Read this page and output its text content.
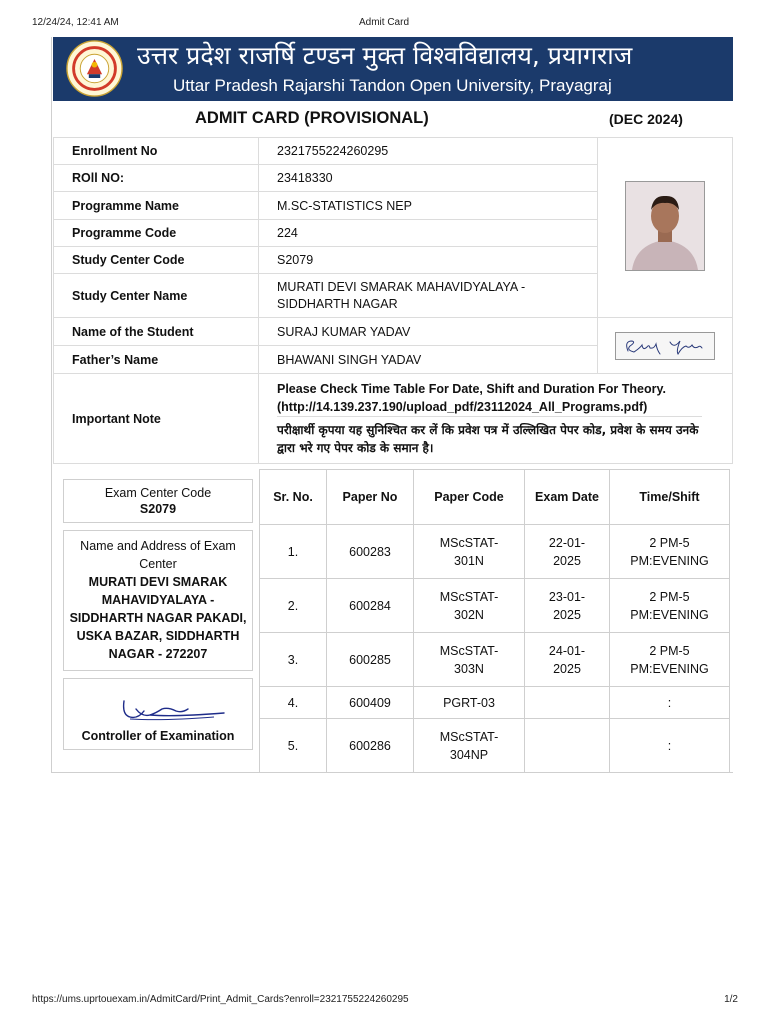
12/24/24, 12:41 AM	Admit Card
उत्तर प्रदेश राजर्षि टण्डन मुक्त विश्वविद्यालय, प्रयागराज
Uttar Pradesh Rajarshi Tandon Open University, Prayagraj
ADMIT CARD (PROVISIONAL)	(DEC 2024)
Enrollment No	2321755224260295	
ROll NO:	23418330	
Programme Name	M.SC-STATISTICS NEP	
Programme Code	224	
Study Center Code	S2079	
Study Center Name	MURATI DEVI SMARAK MAHAVIDYALAYA - SIDDHARTH NAGAR	
Name of the Student	SURAJ KUMAR YADAV	
Father’s Name	BHAWANI SINGH YADAV	
Important Note	Please Check Time Table For Date, Shift and Duration For Theory. (http://14.139.237.190/upload_pdf/23112024_All_Programs.pdf)
परीक्षार्थी कृपया यह सुनिश्चित कर लें कि प्रवेश पत्र में उल्लिखित पेपर कोड, प्रवेश के समय उनके द्वारा भरे गए पेपर कोड के समान है।	
Exam Center Code
S2079
Name and Address of Exam Center
MURATI DEVI SMARAK MAHAVIDYALAYA - SIDDHARTH NAGAR PAKADI, USKA BAZAR, SIDDHARTH NAGAR - 272207
Controller of Examination
Sr. No.	Paper No	Paper Code	Exam Date	Time/Shift
1.	600283	MScSTAT-301N	22-01-2025	2 PM-5 PM:EVENING
2.	600284	MScSTAT-302N	23-01-2025	2 PM-5 PM:EVENING
3.	600285	MScSTAT-303N	24-01-2025	2 PM-5 PM:EVENING
4.	600409	PGRT-03		:
5.	600286	MScSTAT-304NP		:
https://ums.uprtouexam.in/AdmitCard/Print_Admit_Cards?enroll=2321755224260295	1/2
